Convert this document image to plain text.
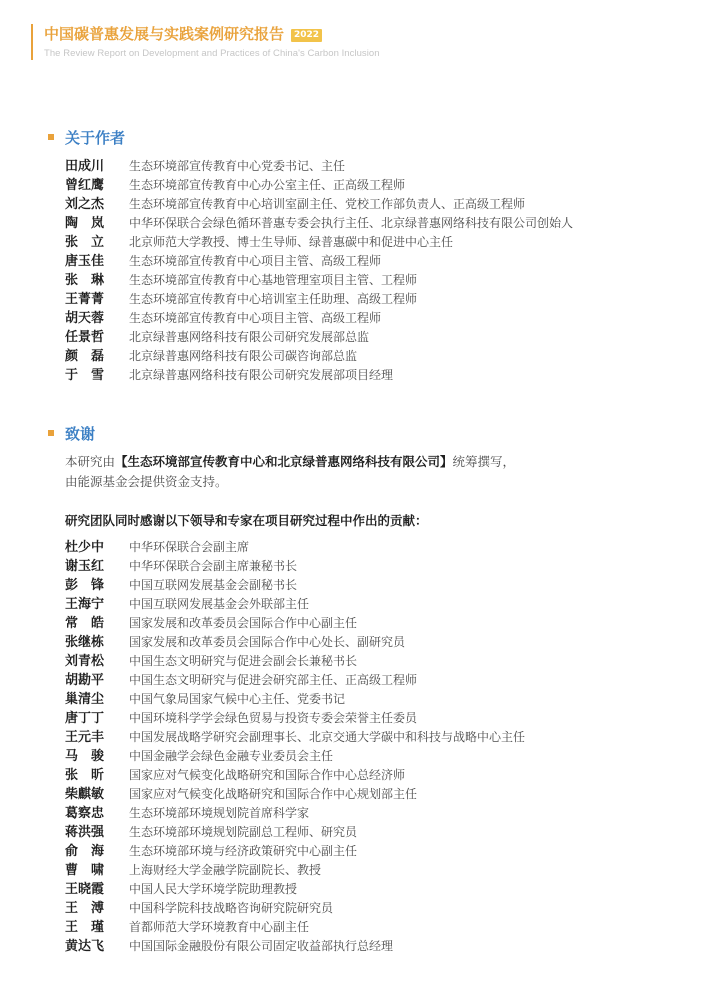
中国碳普惠发展与实践案例研究报告 2022
The Review Report on Development and Practices of China's Carbon Inclusion
关于作者
田成川 生态环境部宣传教育中心党委书记、主任
曾红鹰 生态环境部宣传教育中心办公室主任、正高级工程师
刘之杰 生态环境部宣传教育中心培训室副主任、党校工作部负责人、正高级工程师
陶　岚 中华环保联合会绿色循环普惠专委会执行主任、北京绿普惠网络科技有限公司创始人
张　立 北京师范大学教授、博士生导师、绿普惠碳中和促进中心主任
唐玉佳 生态环境部宣传教育中心项目主管、高级工程师
张　琳 生态环境部宣传教育中心基地管理室项目主管、工程师
王菁菁 生态环境部宣传教育中心培训室主任助理、高级工程师
胡天蓉 生态环境部宣传教育中心项目主管、高级工程师
任景哲 北京绿普惠网络科技有限公司研究发展部总监
颜　磊 北京绿普惠网络科技有限公司碳咨询部总监
于　雪 北京绿普惠网络科技有限公司研究发展部项目经理
致谢
本研究由【生态环境部宣传教育中心和北京绿普惠网络科技有限公司】统筹撰写，
由能源基金会提供资金支持。
研究团队同时感谢以下领导和专家在项目研究过程中作出的贡献：
杜少中 中华环保联合会副主席
谢玉红 中华环保联合会副主席兼秘书长
彭　锋 中国互联网发展基金会副秘书长
王海宁 中国互联网发展基金会外联部主任
常　皓 国家发展和改革委员会国际合作中心副主任
张继栋 国家发展和改革委员会国际合作中心处长、副研究员
刘青松 中国生态文明研究与促进会副会长兼秘书长
胡勘平 中国生态文明研究与促进会研究部主任、正高级工程师
巢清尘 中国气象局国家气候中心主任、党委书记
唐丁丁 中国环境科学学会绿色贸易与投资专委会荣誉主任委员
王元丰 中国发展战略学研究会副理事长、北京交通大学碳中和科技与战略中心主任
马　骏 中国金融学会绿色金融专业委员会主任
张　昕 国家应对气候变化战略研究和国际合作中心总经济师
柴麒敏 国家应对气候变化战略研究和国际合作中心规划部主任
葛察忠 生态环境部环境规划院首席科学家
蒋洪强 生态环境部环境规划院副总工程师、研究员
俞　海 生态环境部环境与经济政策研究中心副主任
曹　啸 上海财经大学金融学院副院长、教授
王晓霞 中国人民大学环境学院助理教授
王　溥 中国科学院科技战略咨询研究院研究员
王　瑾 首都师范大学环境教育中心副主任
黄达飞 中国国际金融股份有限公司固定收益部执行总经理
